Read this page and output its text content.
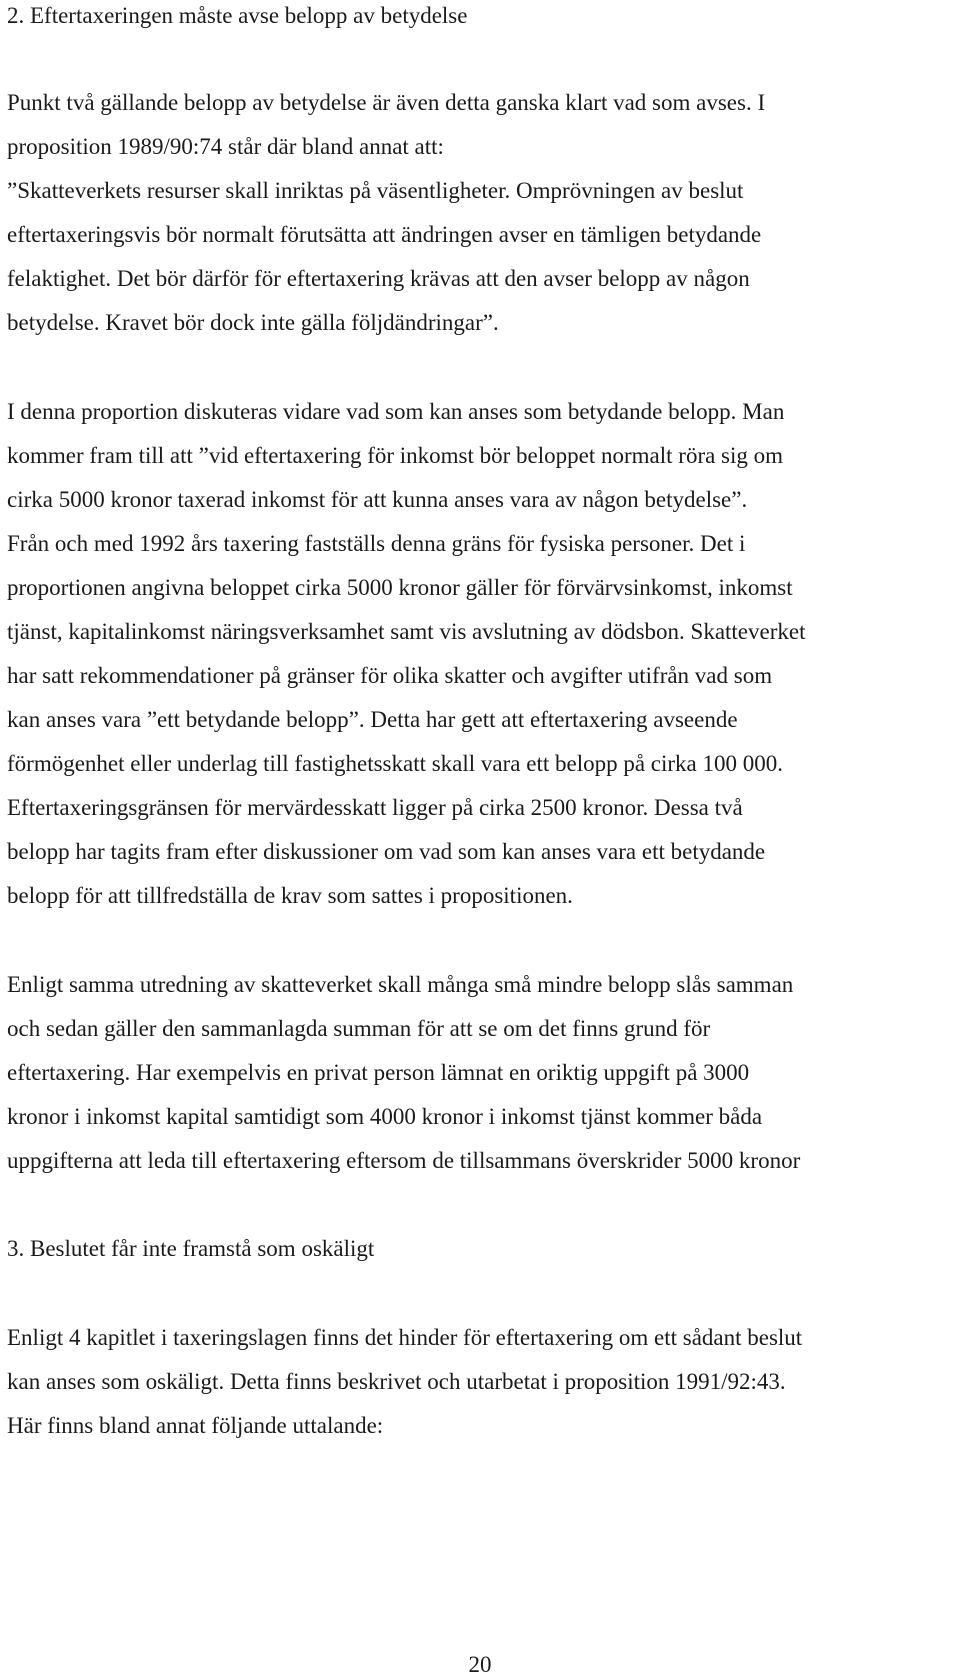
2. Eftertaxeringen måste avse belopp av betydelse

Punkt två gällande belopp av betydelse är även detta ganska klart vad som avses. I

proposition 1989/90:74 står där bland annat att:

”Skatteverkets resurser skall inriktas på väsentligheter. Omprövningen av beslut

eftertaxeringsvis bör normalt förutsätta att ändringen avser en tämligen betydande

felaktighet. Det bör därför för eftertaxering krävas att den avser belopp av någon

betydelse. Kravet bör dock inte gälla följdändringar”.

I denna proportion diskuteras vidare vad som kan anses som betydande belopp. Man

kommer fram till att ”vid eftertaxering för inkomst bör beloppet normalt röra sig om

cirka 5000 kronor taxerad inkomst för att kunna anses vara av någon betydelse”.

Från och med 1992 års taxering fastställs denna gräns för fysiska personer. Det i

proportionen angivna beloppet cirka 5000 kronor gäller för förvärvsinkomst, inkomst

tjänst, kapitalinkomst näringsverksamhet samt vis avslutning av dödsbon. Skatteverket

har satt rekommendationer på gränser för olika skatter och avgifter utifrån vad som

kan anses vara ”ett betydande belopp”. Detta har gett att eftertaxering avseende

förmögenhet eller underlag till fastighetsskatt skall vara ett belopp på cirka 100 000.

Eftertaxeringsgränsen för mervärdesskatt ligger på cirka 2500 kronor. Dessa två

belopp har tagits fram efter diskussioner om vad som kan anses vara ett betydande

belopp för att tillfredställa de krav som sattes i propositionen.

Enligt samma utredning av skatteverket skall många små mindre belopp slås samman

och sedan gäller den sammanlagda summan för att se om det finns grund för

eftertaxering. Har exempelvis en privat person lämnat en oriktig uppgift på 3000

kronor i inkomst kapital samtidigt som 4000 kronor i inkomst tjänst kommer båda

uppgifterna att leda till eftertaxering eftersom de tillsammans överskrider 5000 kronor

3. Beslutet får inte framstå som oskäligt

Enligt 4 kapitlet i taxeringslagen finns det hinder för eftertaxering om ett sådant beslut

kan anses som oskäligt. Detta finns beskrivet och utarbetat i proposition 1991/92:43.

Här finns bland annat följande uttalande:

20
